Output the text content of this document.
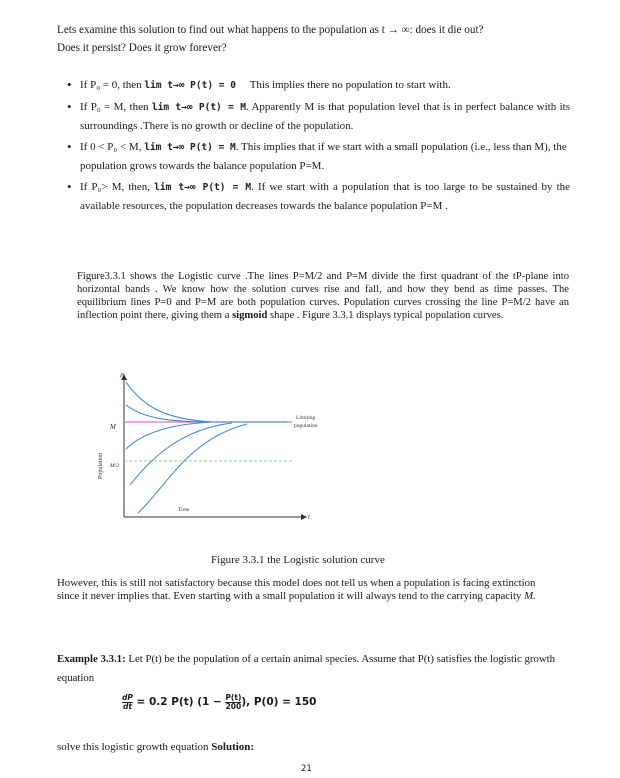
Lets examine this solution to find out what happens to the population as t → ∞: does it die out?
Does it persist? Does it grow forever?
• If P₀ = 0, then lim t→∞ P(t) = 0 This implies there no population to start with.
• If P₀ = M, then lim t→∞ P(t) = M. Apparently M is that population level that is in perfect balance with its surroundings .There is no growth or decline of the population.
• If 0 < P₀ < M, lim t→∞ P(t) = M. This implies that if we start with a small population (i.e., less than M), the population grows towards the balance population P=M.
• If P₀> M, then, lim t→∞ P(t) = M. If we start with a population that is too large to be sustained by the available resources, the population decreases towards the balance population P=M .
Figure3.3.1 shows the Logistic curve .The lines P=M/2 and P=M divide the first quadrant of the tP-plane into horizontal bands . We know how the solution curves rise and fall, and how they bend as time passes. The equilibrium lines P=0 and P=M are both population curves. Population curves crossing the line P=M/2 have an inflection point there, giving them a sigmoid shape . Figure 3.3.1 displays typical population curves.
P
t
M
M/2
Population
Time
Limiting
population
Figure 3.3.1 the Logistic solution curve
However, this is still not satisfactory because this model does not tell us when a population is facing extinction since it never implies that. Even starting with a small population it will always tend to the carrying capacity M.
Example 3.3.1: Let P(t) be the population of a certain animal species. Assume that P(t) satisfies the logistic growth equation
$\frac{dP}{dt} = 0.2$ P(t) ($1 - \frac{P(t)}{200}$ ), P(0) = 150
solve this logistic growth equation Solution:
21
